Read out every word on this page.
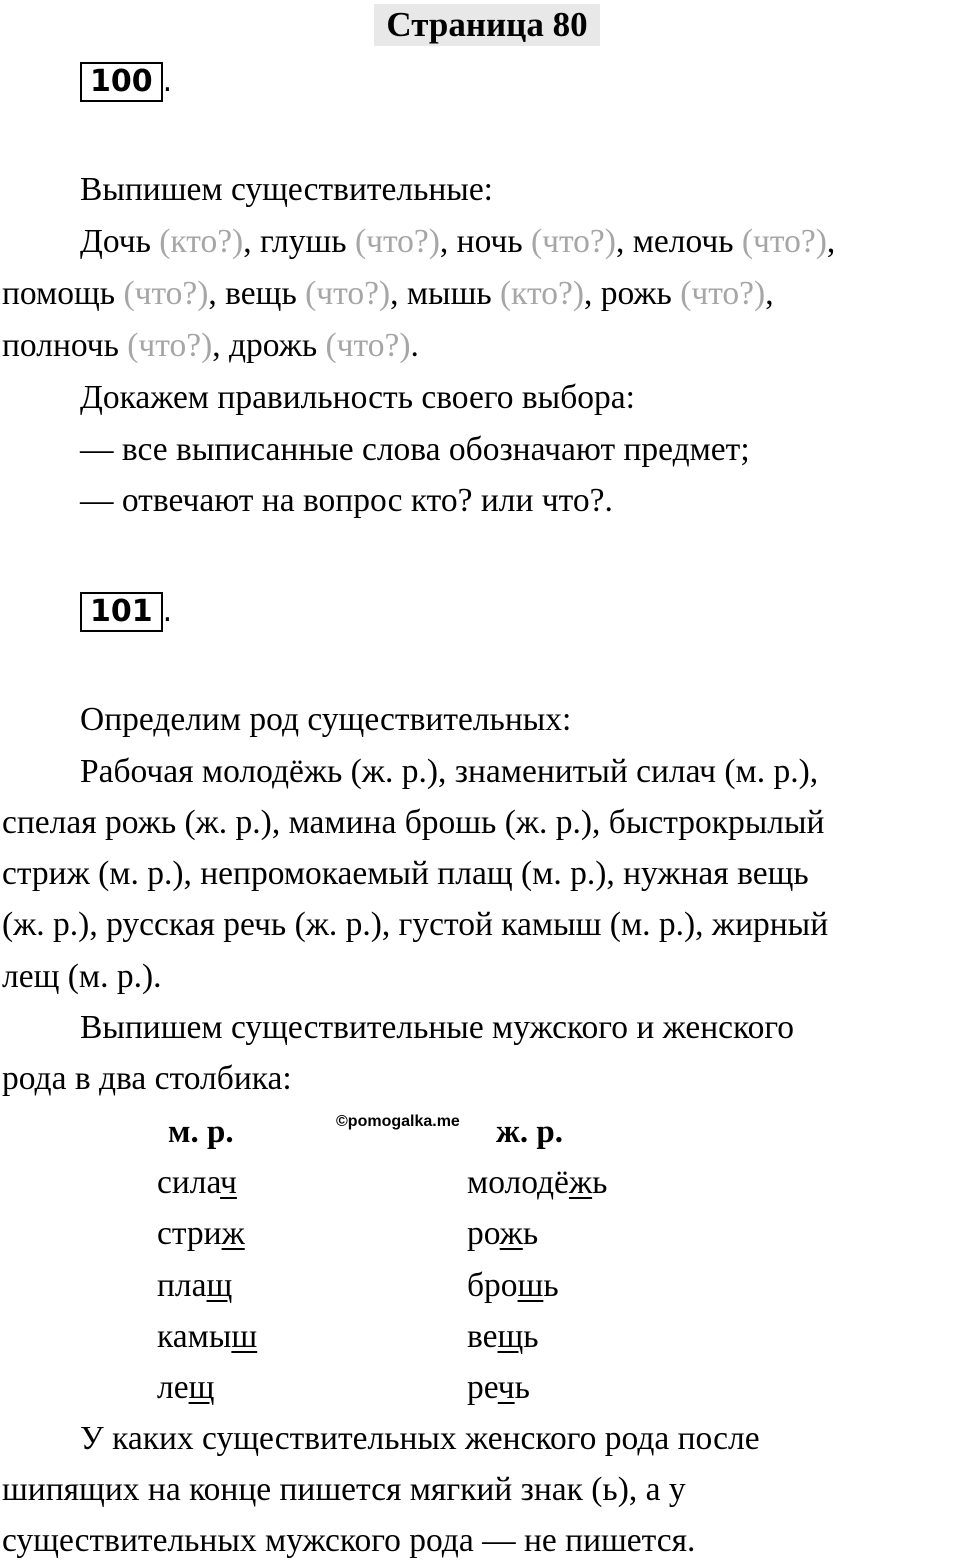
Страница 80
100 .
Выпишем существительные:
Дочь (кто?), глушь (что?), ночь (что?), мелочь (что?),
помощь (что?), вещь (что?), мышь (кто?), рожь (что?),
полночь (что?), дрожь (что?).
Докажем правильность своего выбора:
— все выписанные слова обозначают предмет;
— отвечают на вопрос кто? или что?.
101 .
Определим род существительных:
Рабочая молодёжь (ж. р.), знаменитый силач (м. р.),
спелая рожь (ж. р.), мамина брошь (ж. р.), быстрокрылый
стриж (м. р.), непромокаемый плащ (м. р.), нужная вещь
(ж. р.), русская речь (ж. р.), густой камыш (м. р.), жирный
лещ (м. р.).
Выпишем существительные мужского и женского
рода в два столбика:
©pomogalka.me
м. р.	ж. р.
силач
стриж
плащ
камыш
лещ
молодёжь
рожь
брошь
вещь
речь
У каких существительных женского рода после
шипящих на конце пишется мягкий знак (ь), а у
существительных мужского рода — не пишется.
